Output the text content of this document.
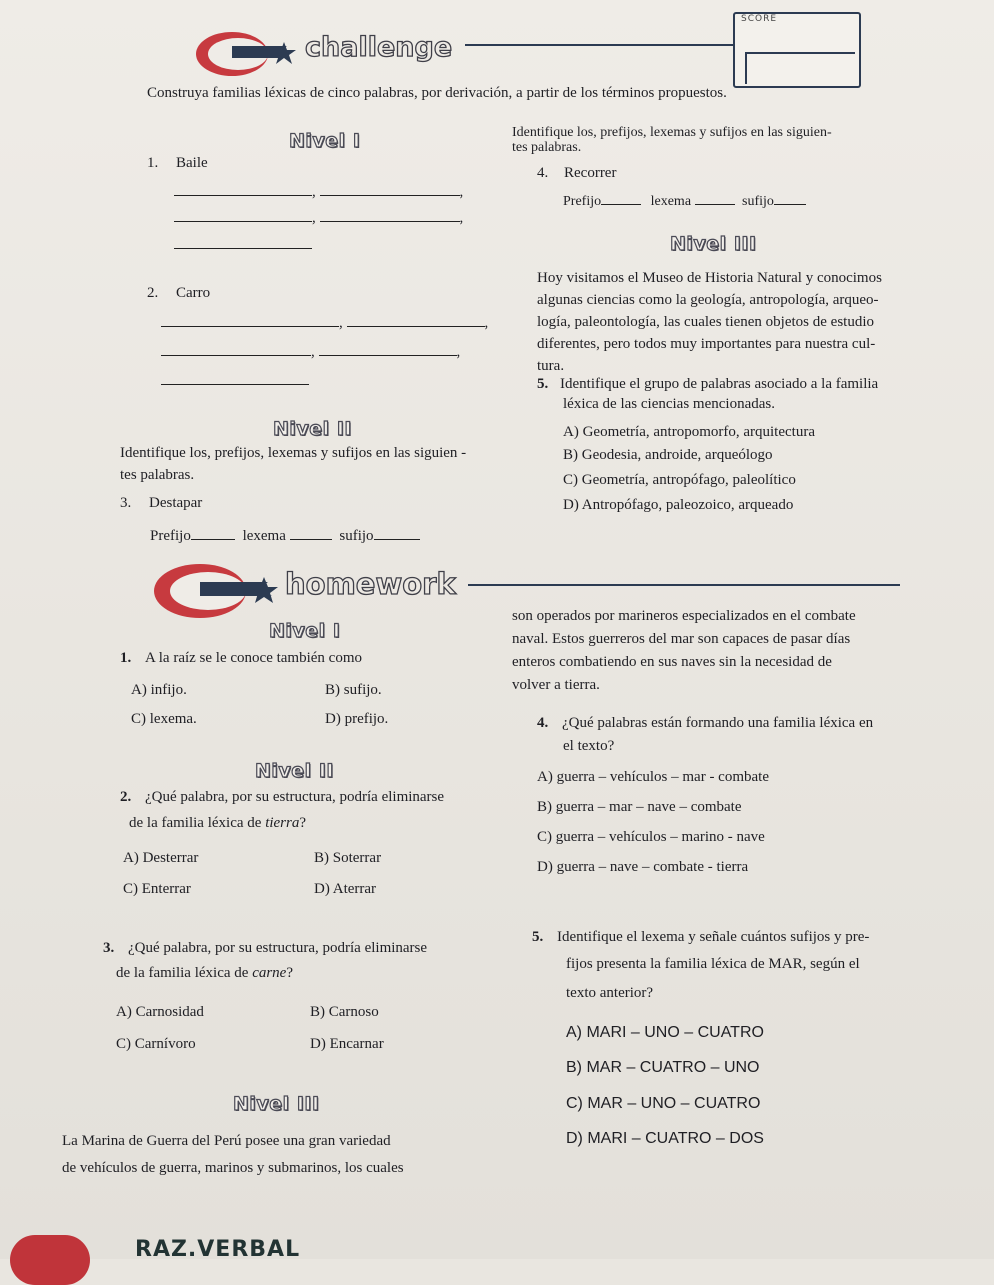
challenge
SCORE
Construya familias léxicas de cinco palabras, por derivación, a partir de los términos propuestos.
Nivel I
1. Baile
,	,
,	,
2. Carro
,	,
,	,
Nivel II
Identifique los, prefijos, lexemas y sufijos en las siguien -
tes palabras.
3. Destapar
Prefijo	lexema	sufijo
Identifique los, prefijos, lexemas y sufijos en las siguien-
tes palabras.
4. Recorrer
Prefijo	lexema	sufijo
Nivel III
Hoy visitamos el Museo de Historia Natural y conocimos
algunas ciencias como la geología, antropología, arqueo-
logía, paleontología, las cuales tienen objetos de estudio
diferentes, pero todos muy importantes para nuestra cul-
tura.
5. Identifique el grupo de palabras asociado a la familia
léxica de las ciencias mencionadas.
A) Geometría, antropomorfo, arquitectura
B) Geodesia, androide, arqueólogo
C) Geometría, antropófago, paleolítico
D) Antropófago, paleozoico, arqueado
homework
Nivel I
1. A la raíz se le conoce también como
A) infijo.	B) sufijo.
C) lexema.	D) prefijo.
Nivel II
2. ¿Qué palabra, por su estructura, podría eliminarse
de la familia léxica de tierra?
A) Desterrar	B) Soterrar
C) Enterrar	D) Aterrar
3. ¿Qué palabra, por su estructura, podría eliminarse
de la familia léxica de carne?
A) Carnosidad	B) Carnoso
C) Carnívoro	D) Encarnar
Nivel III
La Marina de Guerra del Perú posee una gran variedad
de vehículos de guerra, marinos y submarinos, los cuales
son operados por marineros especializados en el combate
naval. Estos guerreros del mar son capaces de pasar días
enteros combatiendo en sus naves sin la necesidad de
volver a tierra.
4. ¿Qué palabras están formando una familia léxica en
el texto?
A) guerra – vehículos – mar - combate
B) guerra – mar – nave – combate
C) guerra – vehículos – marino - nave
D) guerra – nave – combate - tierra
5. Identifique el lexema y señale cuántos sufijos y pre-
fijos presenta la familia léxica de MAR, según el
texto anterior?
A) MARI – UNO – CUATRO
B) MAR – CUATRO – UNO
C) MAR – UNO – CUATRO
D) MARI – CUATRO – DOS
RAZ.VERBAL
